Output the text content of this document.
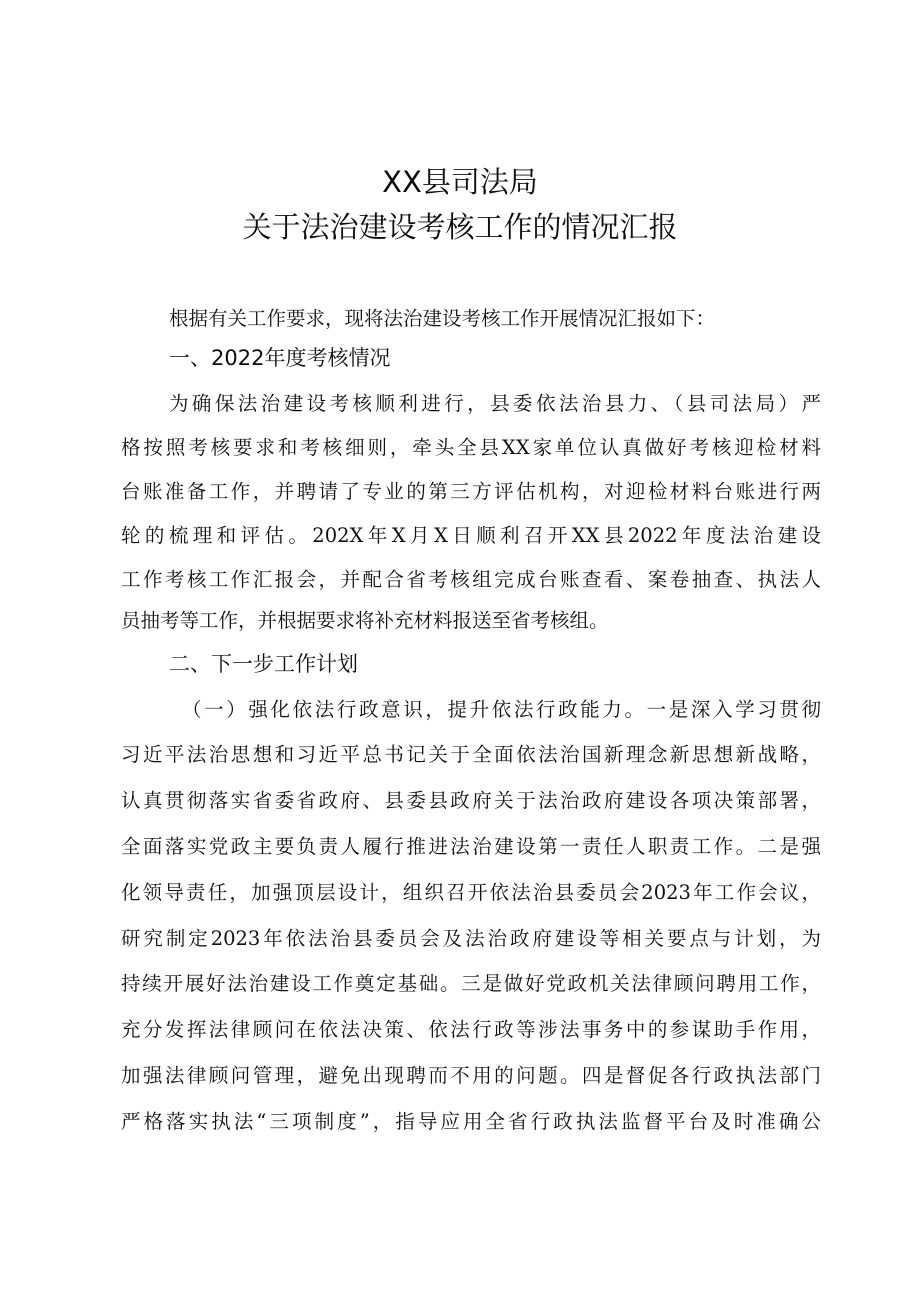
XX县司法局
关于法治建设考核工作的情况汇报
根据有关工作要求，现将法治建设考核工作开展情况汇报如下：
一、2022年度考核情况
为确保法治建设考核顺利进行，县委依法治县力、（县司法局）严
格按照考核要求和考核细则，牵头全县XX家单位认真做好考核迎检材料
台账准备工作，并聘请了专业的第三方评估机构，对迎检材料台账进行两
轮的梳理和评估。202X年X月X日顺利召开XX县2022年度法治建设
工作考核工作汇报会，并配合省考核组完成台账查看、案卷抽查、执法人
员抽考等工作，并根据要求将补充材料报送至省考核组。
二、下一步工作计划
（一）强化依法行政意识，提升依法行政能力。一是深入学习贯彻
习近平法治思想和习近平总书记关于全面依法治国新理念新思想新战略，
认真贯彻落实省委省政府、县委县政府关于法治政府建设各项决策部署，
全面落实党政主要负责人履行推进法治建设第一责任人职责工作。二是强
化领导责任，加强顶层设计，组织召开依法治县委员会2023年工作会议，
研究制定2023年依法治县委员会及法治政府建设等相关要点与计划，为
持续开展好法治建设工作奠定基础。三是做好党政机关法律顾问聘用工作，
充分发挥法律顾问在依法决策、依法行政等涉法事务中的参谋助手作用，
加强法律顾问管理，避免出现聘而不用的问题。四是督促各行政执法部门
严格落实执法“三项制度”，指导应用全省行政执法监督平台及时准确公
